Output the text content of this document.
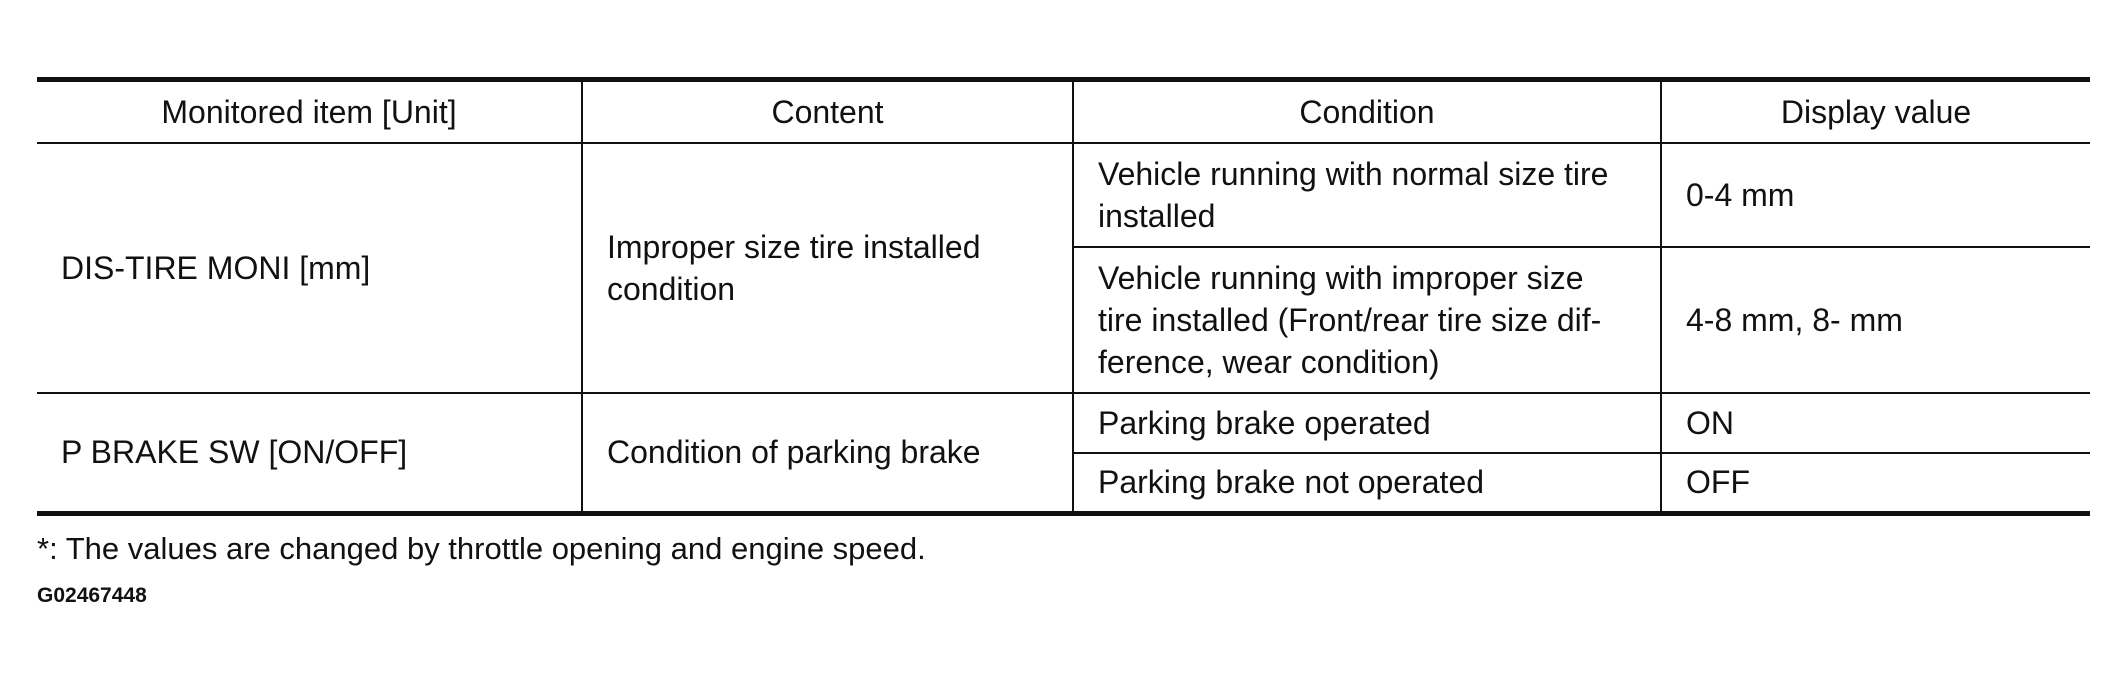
Monitored item [Unit]	Content	Condition	Display value
DIS-TIRE MONI [mm]	Improper size tire installed condition	Vehicle running with normal size tire installed	0-4 mm
		Vehicle running with improper size tire installed (Front/rear tire size dif-ference, wear condition)	4-8 mm, 8- mm
P BRAKE SW [ON/OFF]	Condition of parking brake	Parking brake operated	ON
		Parking brake not operated	OFF
*: The values are changed by throttle opening and engine speed.
G02467448
